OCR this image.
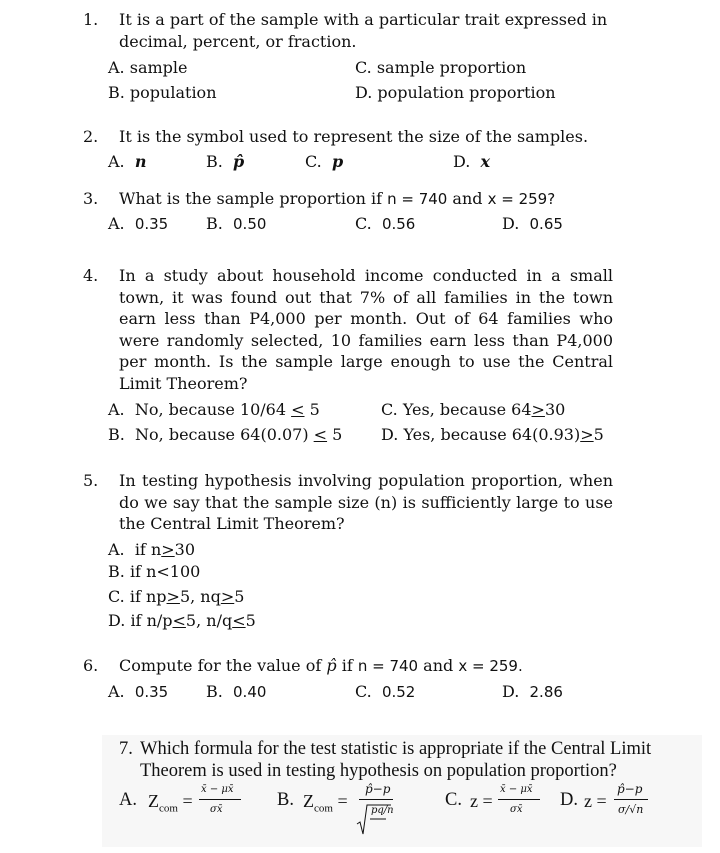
1. It is a part of the sample with a particular trait expressed in decimal, percent, or fraction.
A. sample	C. sample proportion
B. population	D. population proportion
2. It is the symbol used to represent the size of the samples.
A. n	B. p̂	C. p	D. x
3. What is the sample proportion if n = 740 and x = 259?
A. 0.35 B. 0.50	C. 0.56	D. 0.65
4. In a study about household income conducted in a small town, it was found out that 7% of all families in the town earn less than P4,000 per month. Out of 64 families who were randomly selected, 10 families earn less than P4,000 per month. Is the sample large enough to use the Central Limit Theorem?
A. No, because 10/64 < 5	C. Yes, because 64>30
B. No, because 64(0.07) < 5 D. Yes, because 64(0.93)>5
5. In testing hypothesis involving population proportion, when do we say that the sample size (n) is sufficiently large to use the Central Limit Theorem?
A. if n>30
B. if n<100
C. if np>5, nq>5
D. if n/p<5, n/q<5
6. Compute for the value of p̂ if n = 740 and x = 259.
A. 0.35 B. 0.40	C. 0.52	D. 2.86
7. Which formula for the test statistic is appropriate if the Central Limit
Theorem is used in testing hypothesis on population proportion?
A. $Z_{com}$ =
x̄ − μx̄
σx̄	B. $Z_{com}$ =
p̂−p
pq/n
C. z =
x̄ − μx̄
σx̄ D. z =
p̂−p
σ/√n
